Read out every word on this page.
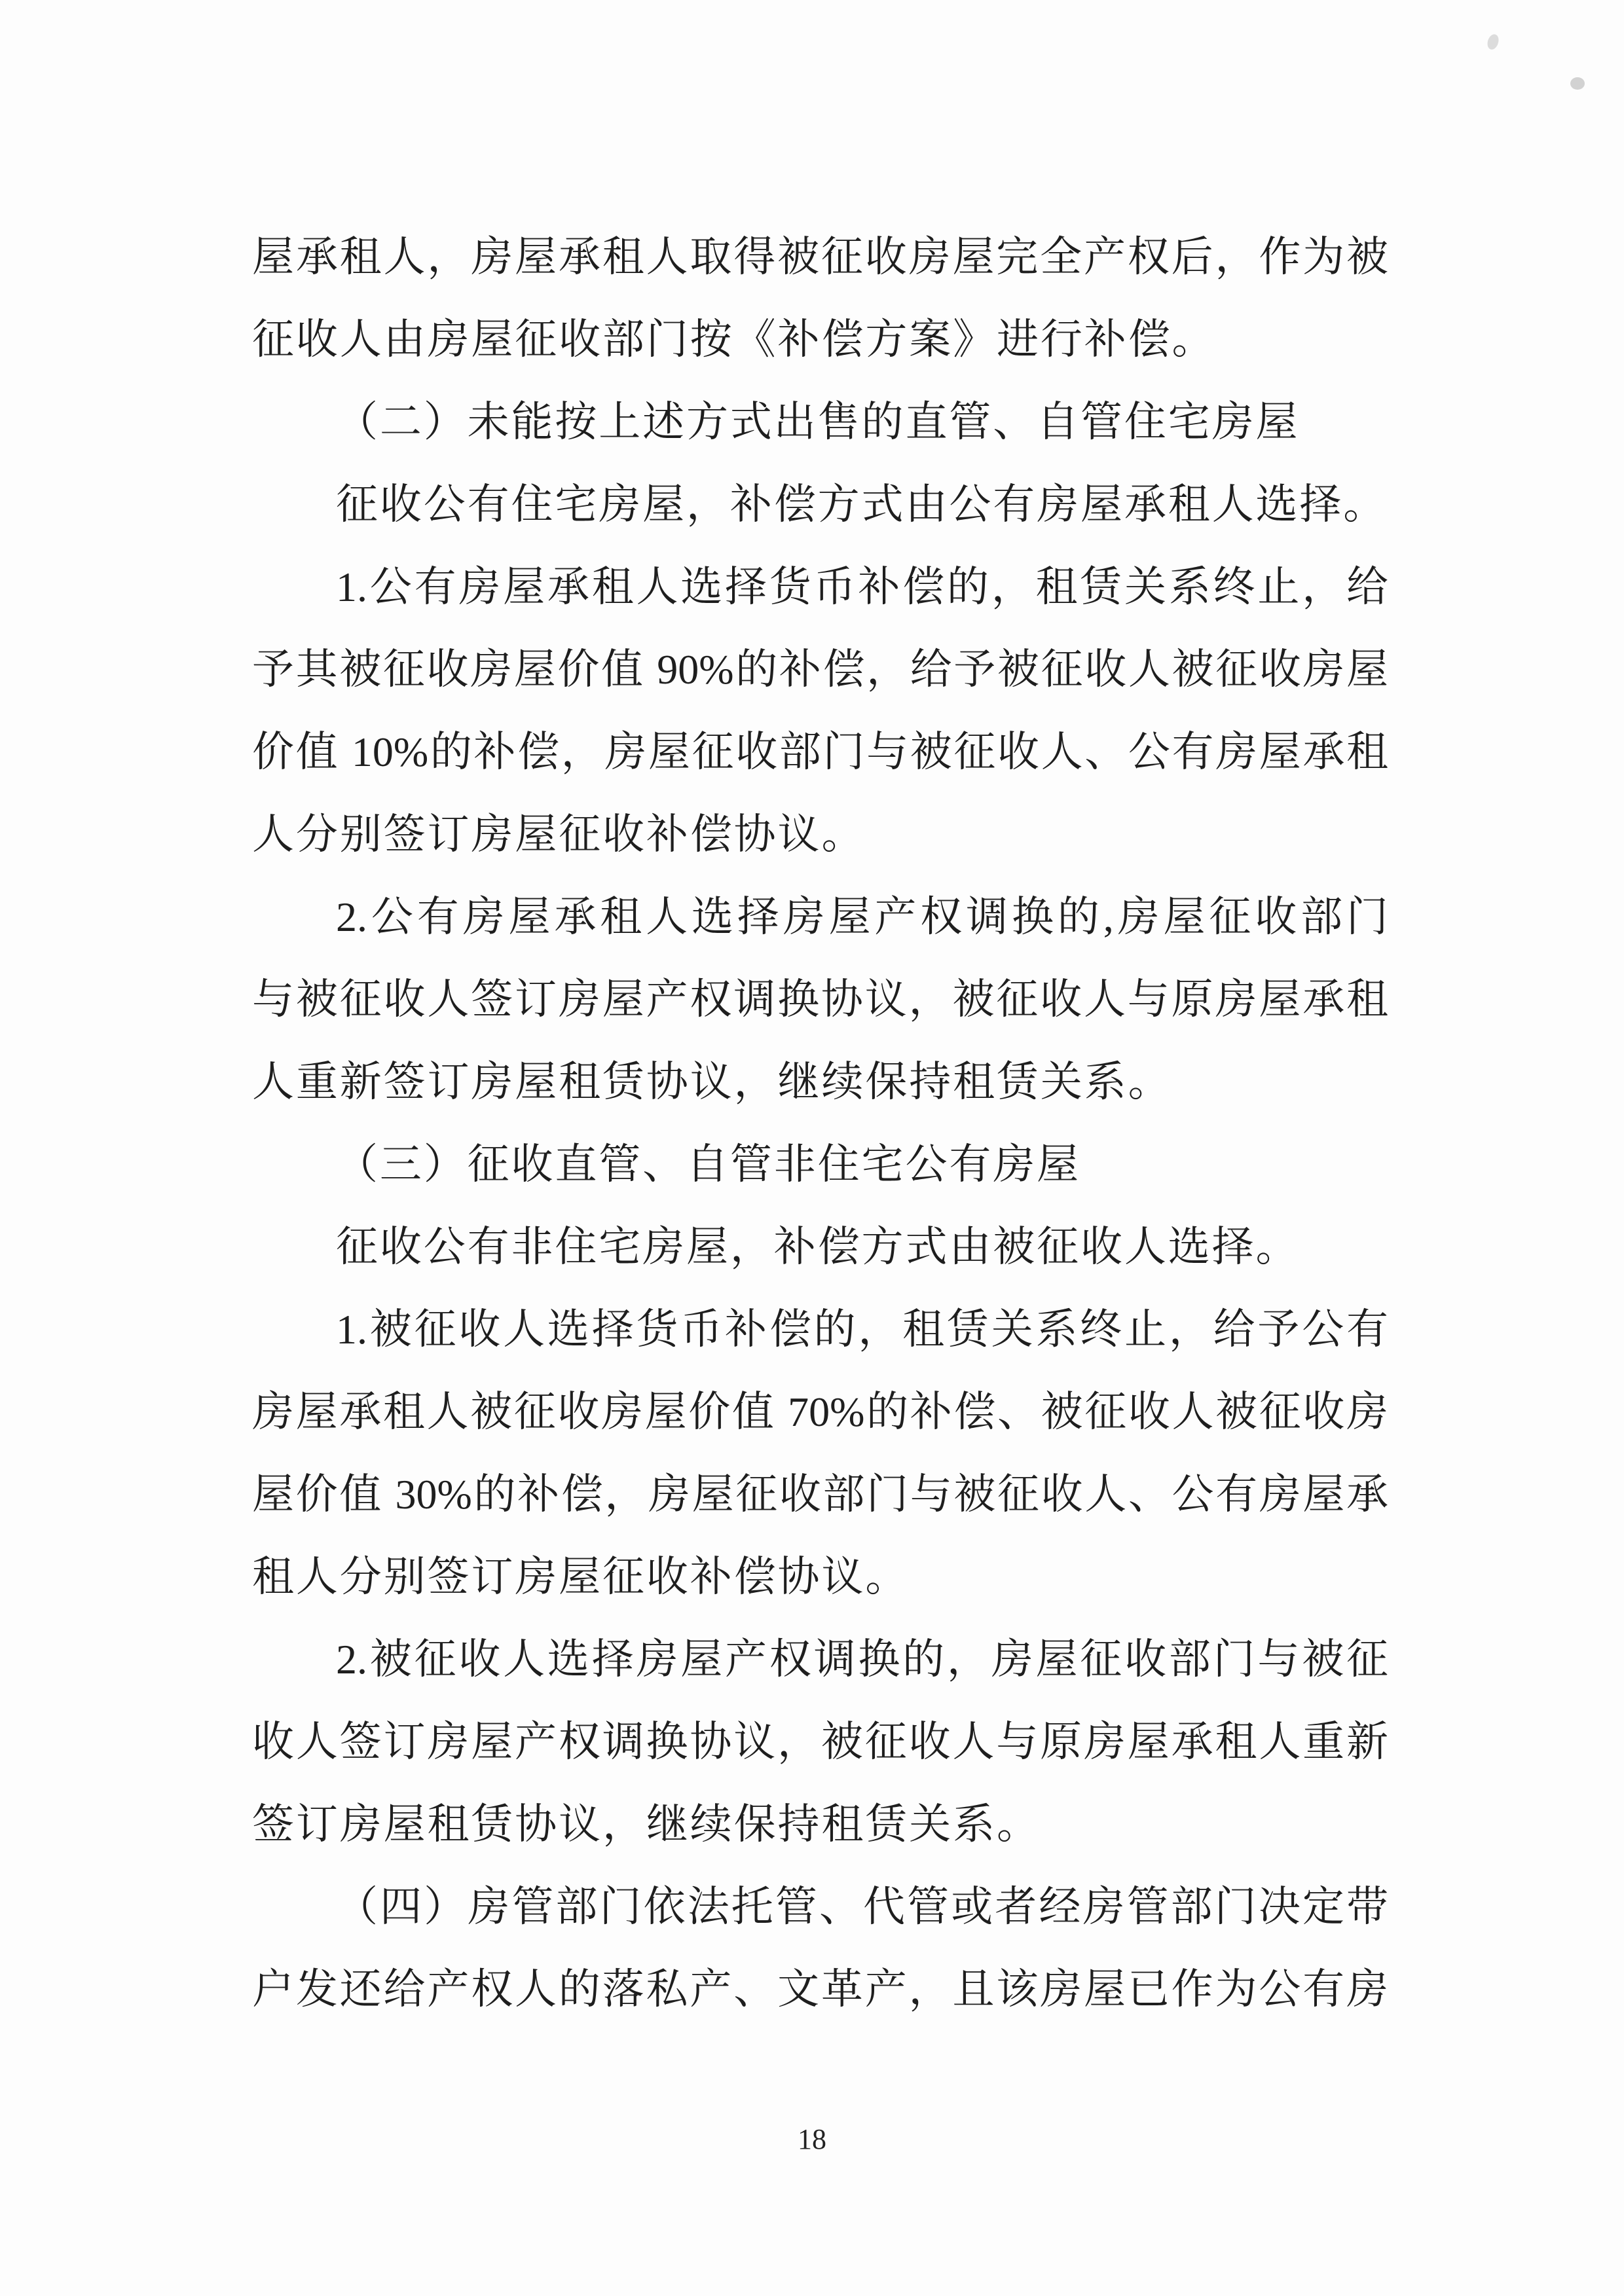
屋承租人，房屋承租人取得被征收房屋完全产权后，作为被
征收人由房屋征收部门按《补偿方案》进行补偿。
（二）未能按上述方式出售的直管、自管住宅房屋
征收公有住宅房屋，补偿方式由公有房屋承租人选择。
1.公有房屋承租人选择货币补偿的，租赁关系终止，给
予其被征收房屋价值 90%的补偿，给予被征收人被征收房屋
价值 10%的补偿，房屋征收部门与被征收人、公有房屋承租
人分别签订房屋征收补偿协议。
2.公有房屋承租人选择房屋产权调换的,房屋征收部门
与被征收人签订房屋产权调换协议，被征收人与原房屋承租
人重新签订房屋租赁协议，继续保持租赁关系。
（三）征收直管、自管非住宅公有房屋
征收公有非住宅房屋，补偿方式由被征收人选择。
1.被征收人选择货币补偿的，租赁关系终止，给予公有
房屋承租人被征收房屋价值 70%的补偿、被征收人被征收房
屋价值 30%的补偿，房屋征收部门与被征收人、公有房屋承
租人分别签订房屋征收补偿协议。
2.被征收人选择房屋产权调换的，房屋征收部门与被征
收人签订房屋产权调换协议，被征收人与原房屋承租人重新
签订房屋租赁协议，继续保持租赁关系。
（四）房管部门依法托管、代管或者经房管部门决定带
户发还给产权人的落私产、文革产，且该房屋已作为公有房
18
